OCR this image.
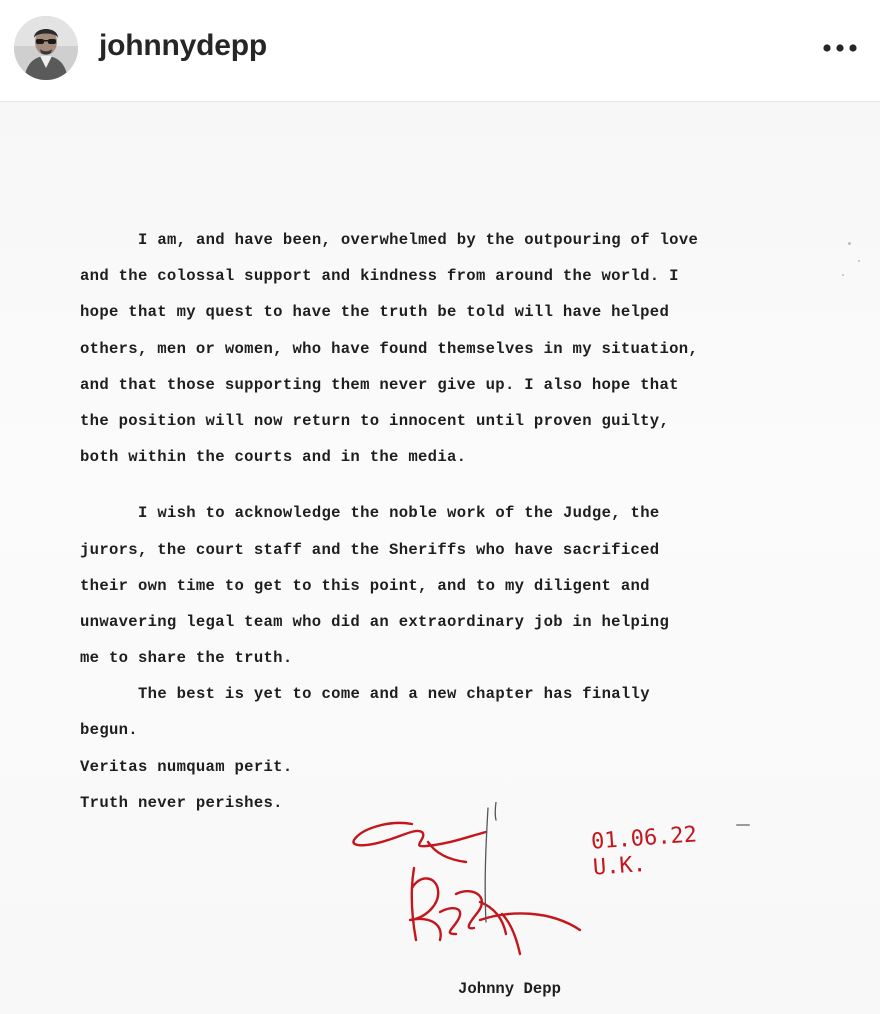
johnnydepp
I am, and have been, overwhelmed by the outpouring of love
and the colossal support and kindness from around the world. I
hope that my quest to have the truth be told will have helped
others, men or women, who have found themselves in my situation,
and that those supporting them never give up. I also hope that
the position will now return to innocent until proven guilty,
both within the courts and in the media.
I wish to acknowledge the noble work of the Judge, the
jurors, the court staff and the Sheriffs who have sacrificed
their own time to get to this point, and to my diligent and
unwavering legal team who did an extraordinary job in helping
me to share the truth.
The best is yet to come and a new chapter has finally
begun.
Veritas numquam perit.
Truth never perishes.
01.06.22
U.K.
Johnny Depp
